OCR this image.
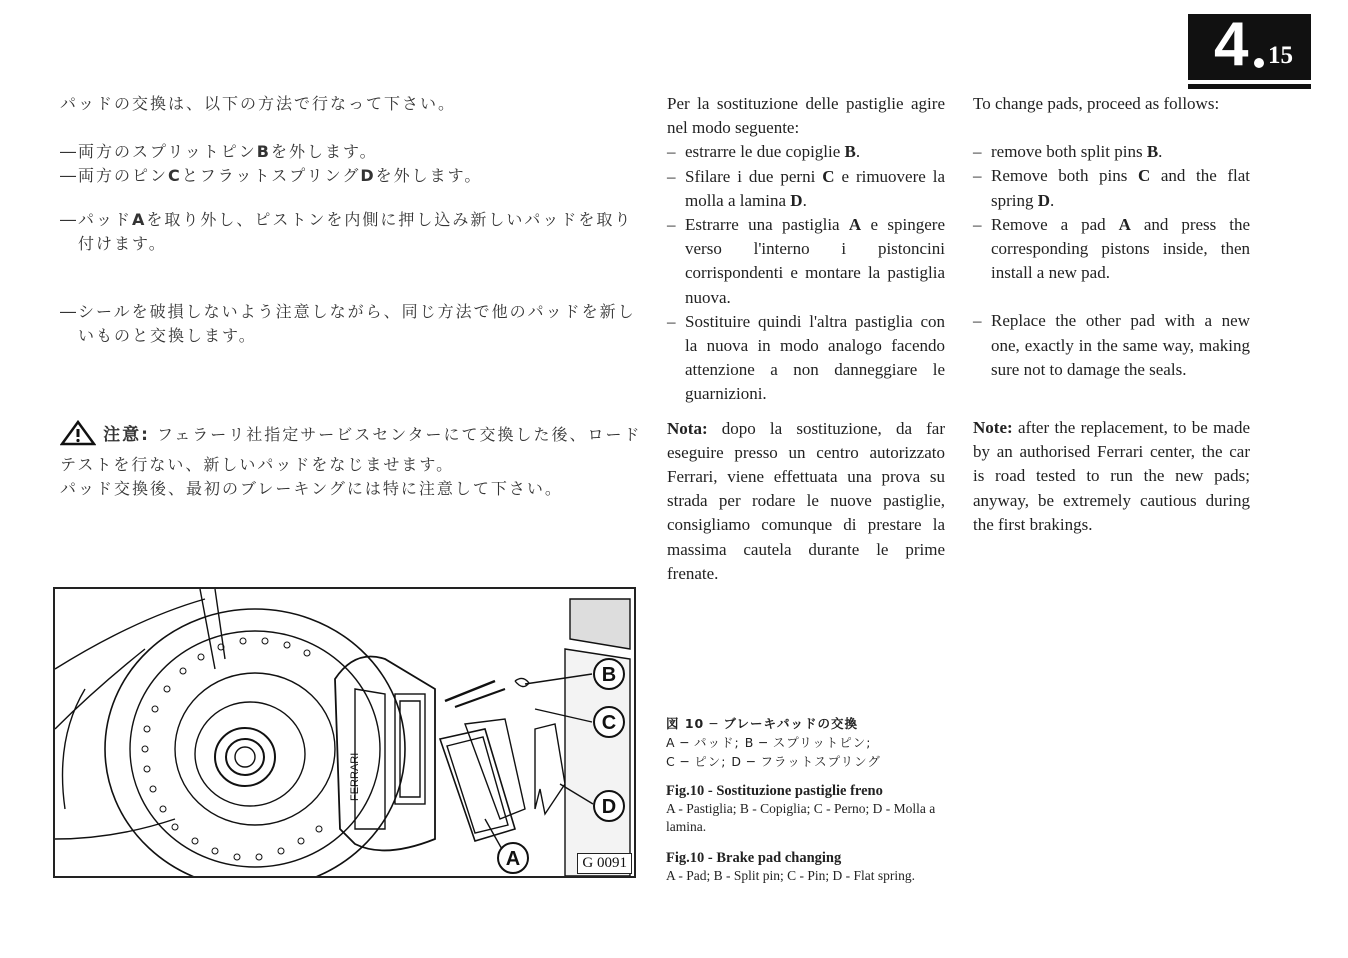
4 15
パッドの交換は、以下の方法で行なって下さい。
― 両方のスプリットピンBを外します。
― 両方のピンCとフラットスプリングDを外します。
― パッドAを取り外し、ピストンを内側に押し込み新しいパッドを取り付けます。
― シールを破損しないよう注意しながら、同じ方法で他のパッドを新しいものと交換します。
注意: フェラーリ社指定サービスセンターにて交換した後、ロードテストを行ない、新しいパッドをなじませます。
パッド交換後、最初のブレーキングには特に注意して下さい。

Per la sostituzione delle pastiglie agire nel modo seguente:

– estrarre le due copiglie B.
– Sfilare i due perni C e rimuovere la molla a lamina D.
– Estrarre una pastiglia A e spingere verso l'interno i pistoncini corrispondenti e montare la pastiglia nuova.
– Sostituire quindi l'altra pastiglia con la nuova in modo analogo facendo attenzione a non danneggiare le guarnizioni.

Nota: dopo la sostituzione, da far eseguire presso un centro autorizzato Ferrari, viene effettuata una prova su strada per rodare le nuove pastiglie, consigliamo comunque di prestare la massima cautela durante le prime frenate.

To change pads, proceed as follows:

– remove both split pins B.
– Remove both pins C and the flat spring D.
– Remove a pad A and press the corresponding pistons inside, then install a new pad.
– Replace the other pad with a new one, exactly in the same way, making sure not to damage the seals.

Note: after the replacement, to be made by an authorised Ferrari center, the car is road tested to run the new pads; anyway, be extremely cautious during the first brakings.

図 10 ─ ブレーキパッドの交換
A ─ パッド; B ─ スプリットピン;
C ─ ピン; D ─ フラットスプリング
Fig.10 - Sostituzione pastiglie freno
A - Pastiglia; B - Copiglia; C - Perno; D - Molla a lamina.
Fig.10 - Brake pad changing
A - Pad; B - Split pin; C - Pin; D - Flat spring.
FERRARI
B
C
D
A	G 0091
